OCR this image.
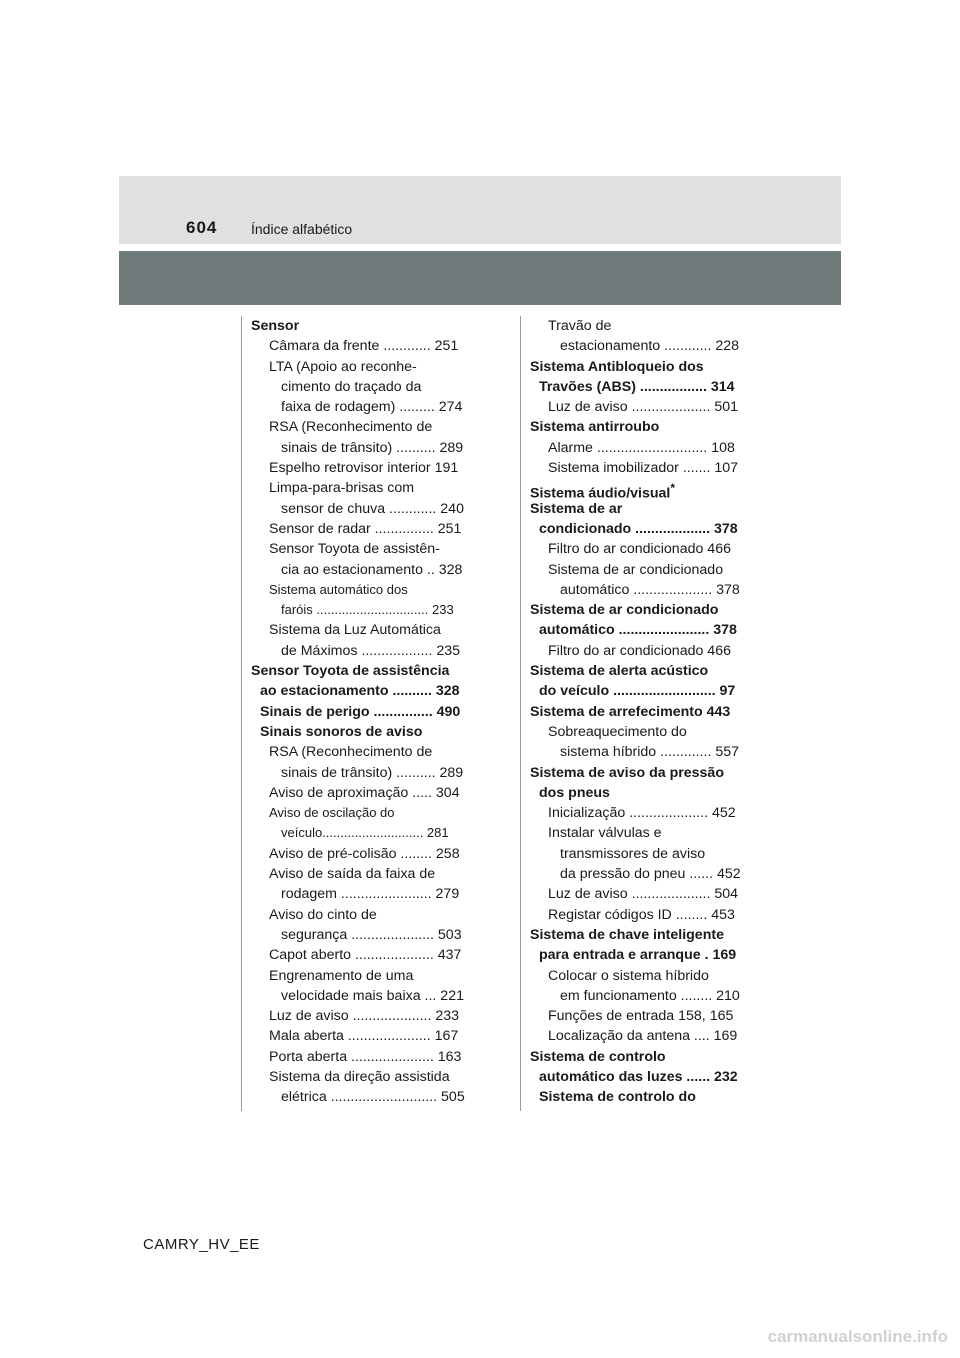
604 Índice alfabético
Sensor
Câmara da frente ............ 251
LTA (Apoio ao reconhe-
cimento do traçado da
faixa de rodagem) ......... 274
RSA (Reconhecimento de
sinais de trânsito) .......... 289
Espelho retrovisor interior 191
Limpa-para-brisas com
sensor de chuva ............ 240
Sensor de radar ............... 251
Sensor Toyota de assistên-
cia ao estacionamento .. 328
Sistema automático dos
faróis ............................... 233
Sistema da Luz Automática
de Máximos .................. 235
Sensor Toyota de assistência
ao estacionamento .......... 328
Sinais de perigo ............... 490
Sinais sonoros de aviso
RSA (Reconhecimento de
sinais de trânsito) .......... 289
Aviso de aproximação ..... 304
Aviso de oscilação do
veículo............................ 281
Aviso de pré-colisão ........ 258
Aviso de saída da faixa de
rodagem ....................... 279
Aviso do cinto de
segurança ..................... 503
Capot aberto .................... 437
Engrenamento de uma
velocidade mais baixa ... 221
Luz de aviso .................... 233
Mala aberta ..................... 167
Porta aberta ..................... 163
Sistema da direção assistida
elétrica ........................... 505
Travão de
estacionamento ............ 228
Sistema Antibloqueio dos
Travões (ABS) ................. 314
Luz de aviso .................... 501
Sistema antirroubo
Alarme ............................ 108
Sistema imobilizador ....... 107
Sistema áudio/visual*
Sistema de ar
condicionado ................... 378
Filtro do ar condicionado 466
Sistema de ar condicionado
automático .................... 378
Sistema de ar condicionado
automático ....................... 378
Filtro do ar condicionado 466
Sistema de alerta acústico
do veículo .......................... 97
Sistema de arrefecimento 443
Sobreaquecimento do
sistema híbrido ............. 557
Sistema de aviso da pressão
dos pneus
Inicialização .................... 452
Instalar válvulas e
transmissores de aviso
da pressão do pneu ...... 452
Luz de aviso .................... 504
Registar códigos ID ........ 453
Sistema de chave inteligente
para entrada e arranque . 169
Colocar o sistema híbrido
em funcionamento ........ 210
Funções de entrada 158, 165
Localização da antena .... 169
Sistema de controlo
automático das luzes ...... 232
Sistema de controlo do
CAMRY_HV_EE
carmanualsonline.info
